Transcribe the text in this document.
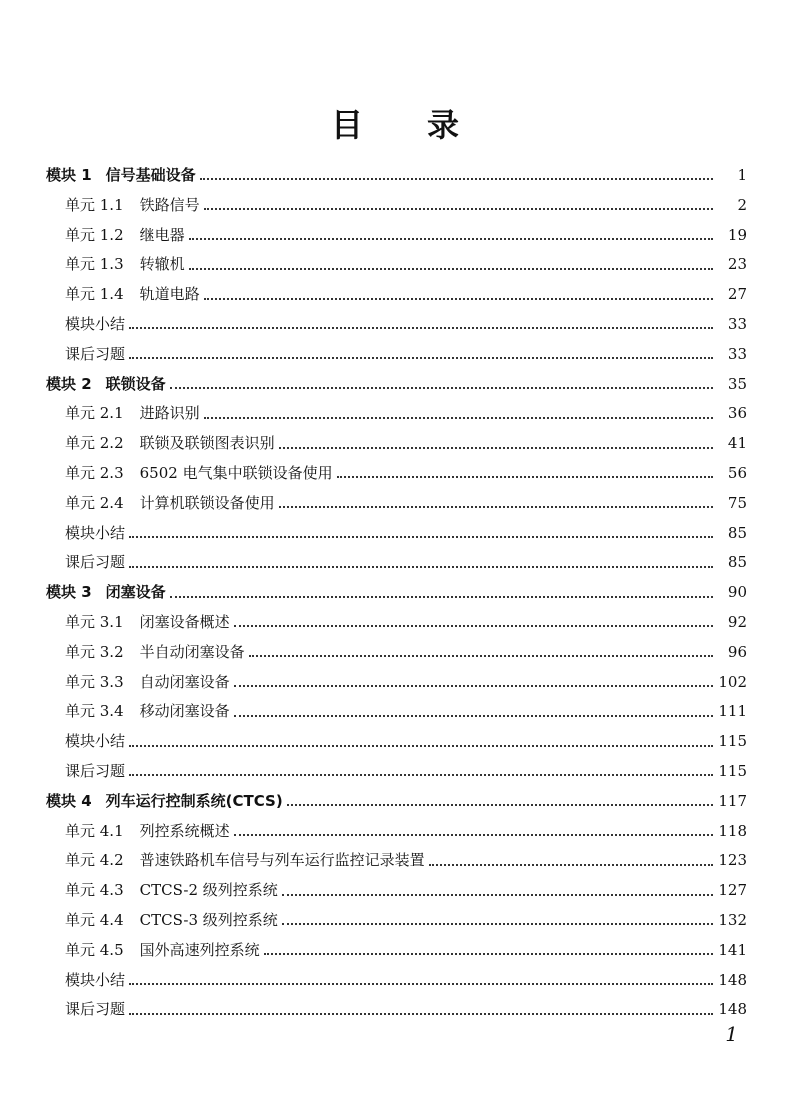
目 录
模块 1 信号基础设备	1
单元 1.1 铁路信号	2
单元 1.2 继电器	19
单元 1.3 转辙机	23
单元 1.4 轨道电路	27
模块小结	33
课后习题	33
模块 2 联锁设备	35
单元 2.1 进路识别	36
单元 2.2 联锁及联锁图表识别	41
单元 2.3 6502 电气集中联锁设备使用	56
单元 2.4 计算机联锁设备使用	75
模块小结	85
课后习题	85
模块 3 闭塞设备	90
单元 3.1 闭塞设备概述	92
单元 3.2 半自动闭塞设备	96
单元 3.3 自动闭塞设备	102
单元 3.4 移动闭塞设备	111
模块小结	115
课后习题	115
模块 4 列车运行控制系统(CTCS)	117
单元 4.1 列控系统概述	118
单元 4.2 普速铁路机车信号与列车运行监控记录装置	123
单元 4.3 CTCS-2 级列控系统	127
单元 4.4 CTCS-3 级列控系统	132
单元 4.5 国外高速列控系统	141
模块小结	148
课后习题	148
1
